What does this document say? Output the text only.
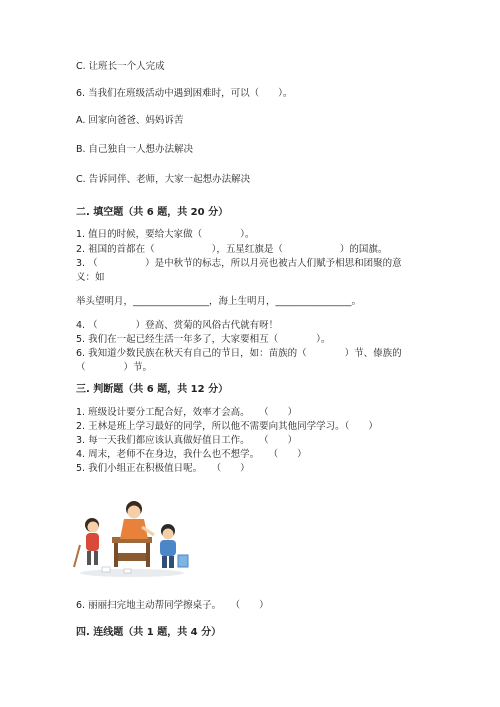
C. 让班长一个人完成
6. 当我们在班级活动中遇到困难时，可以（　　）。
A. 回家向爸爸、妈妈诉苦
B. 自己独自一人想办法解决
C. 告诉同伴、老师，大家一起想办法解决
二. 填空题（共 6 题，共 20 分）
1. 值日的时候，要给大家做（　　　　）。
2. 祖国的首都在（　　　　　　），五星红旗是（　　　　　　）的国旗。
3. （　　　　　）是中秋节的标志，所以月亮也被古人们赋予相思和团聚的意
义：如
举头望明月，________________，海上生明月，________________。
4. （　　　　）登高、赏菊的风俗古代就有呀！
5. 我们在一起已经生活一年多了，大家要相互（　　　　）。
6. 我知道少数民族在秋天有自己的节日，如：苗族的（　　　　）节、傣族的
（　　　　）节。
三. 判断题（共 6 题，共 12 分）
1. 班级设计要分工配合好，效率才会高。　　（　　）
2. 王林是班上学习最好的同学，所以他不需要向其他同学学习。（　　）
3. 每一天我们都应该认真做好值日工作。　　（　　）
4. 周末，老师不在身边，我什么也不想学。　　（　　）
5. 我们小组正在积极值日呢。　　（　　）
6. 丽丽扫完地主动帮同学擦桌子。　　（　　）
四. 连线题（共 1 题，共 4 分）
